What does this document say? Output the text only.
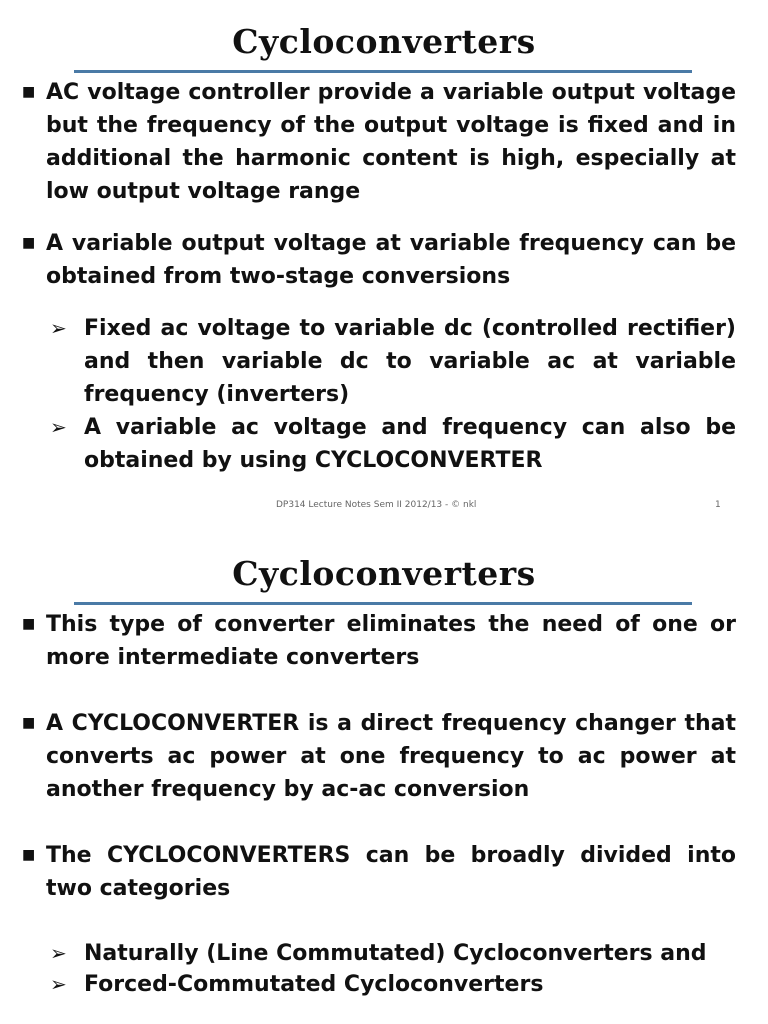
Cycloconverters
■ AC voltage controller provide a variable output voltage but the frequency of the output voltage is fixed and in additional the harmonic content is high, especially at low output voltage range
■ A variable output voltage at variable frequency can be obtained from two-stage conversions
➢ Fixed ac voltage to variable dc (controlled rectifier) and then variable dc to variable ac at variable frequency (inverters)
➢ A variable ac voltage and frequency can also be obtained by using CYCLOCONVERTER
DP314 Lecture Notes Sem II 2012/13 - © nkl	1
Cycloconverters
■ This type of converter eliminates the need of one or more intermediate converters
■ A CYCLOCONVERTER is a direct frequency changer that converts ac power at one frequency to ac power at another frequency by ac-ac conversion
■ The CYCLOCONVERTERS can be broadly divided into two categories
➢ Naturally (Line Commutated) Cycloconverters and
➢ Forced-Commutated Cycloconverters
